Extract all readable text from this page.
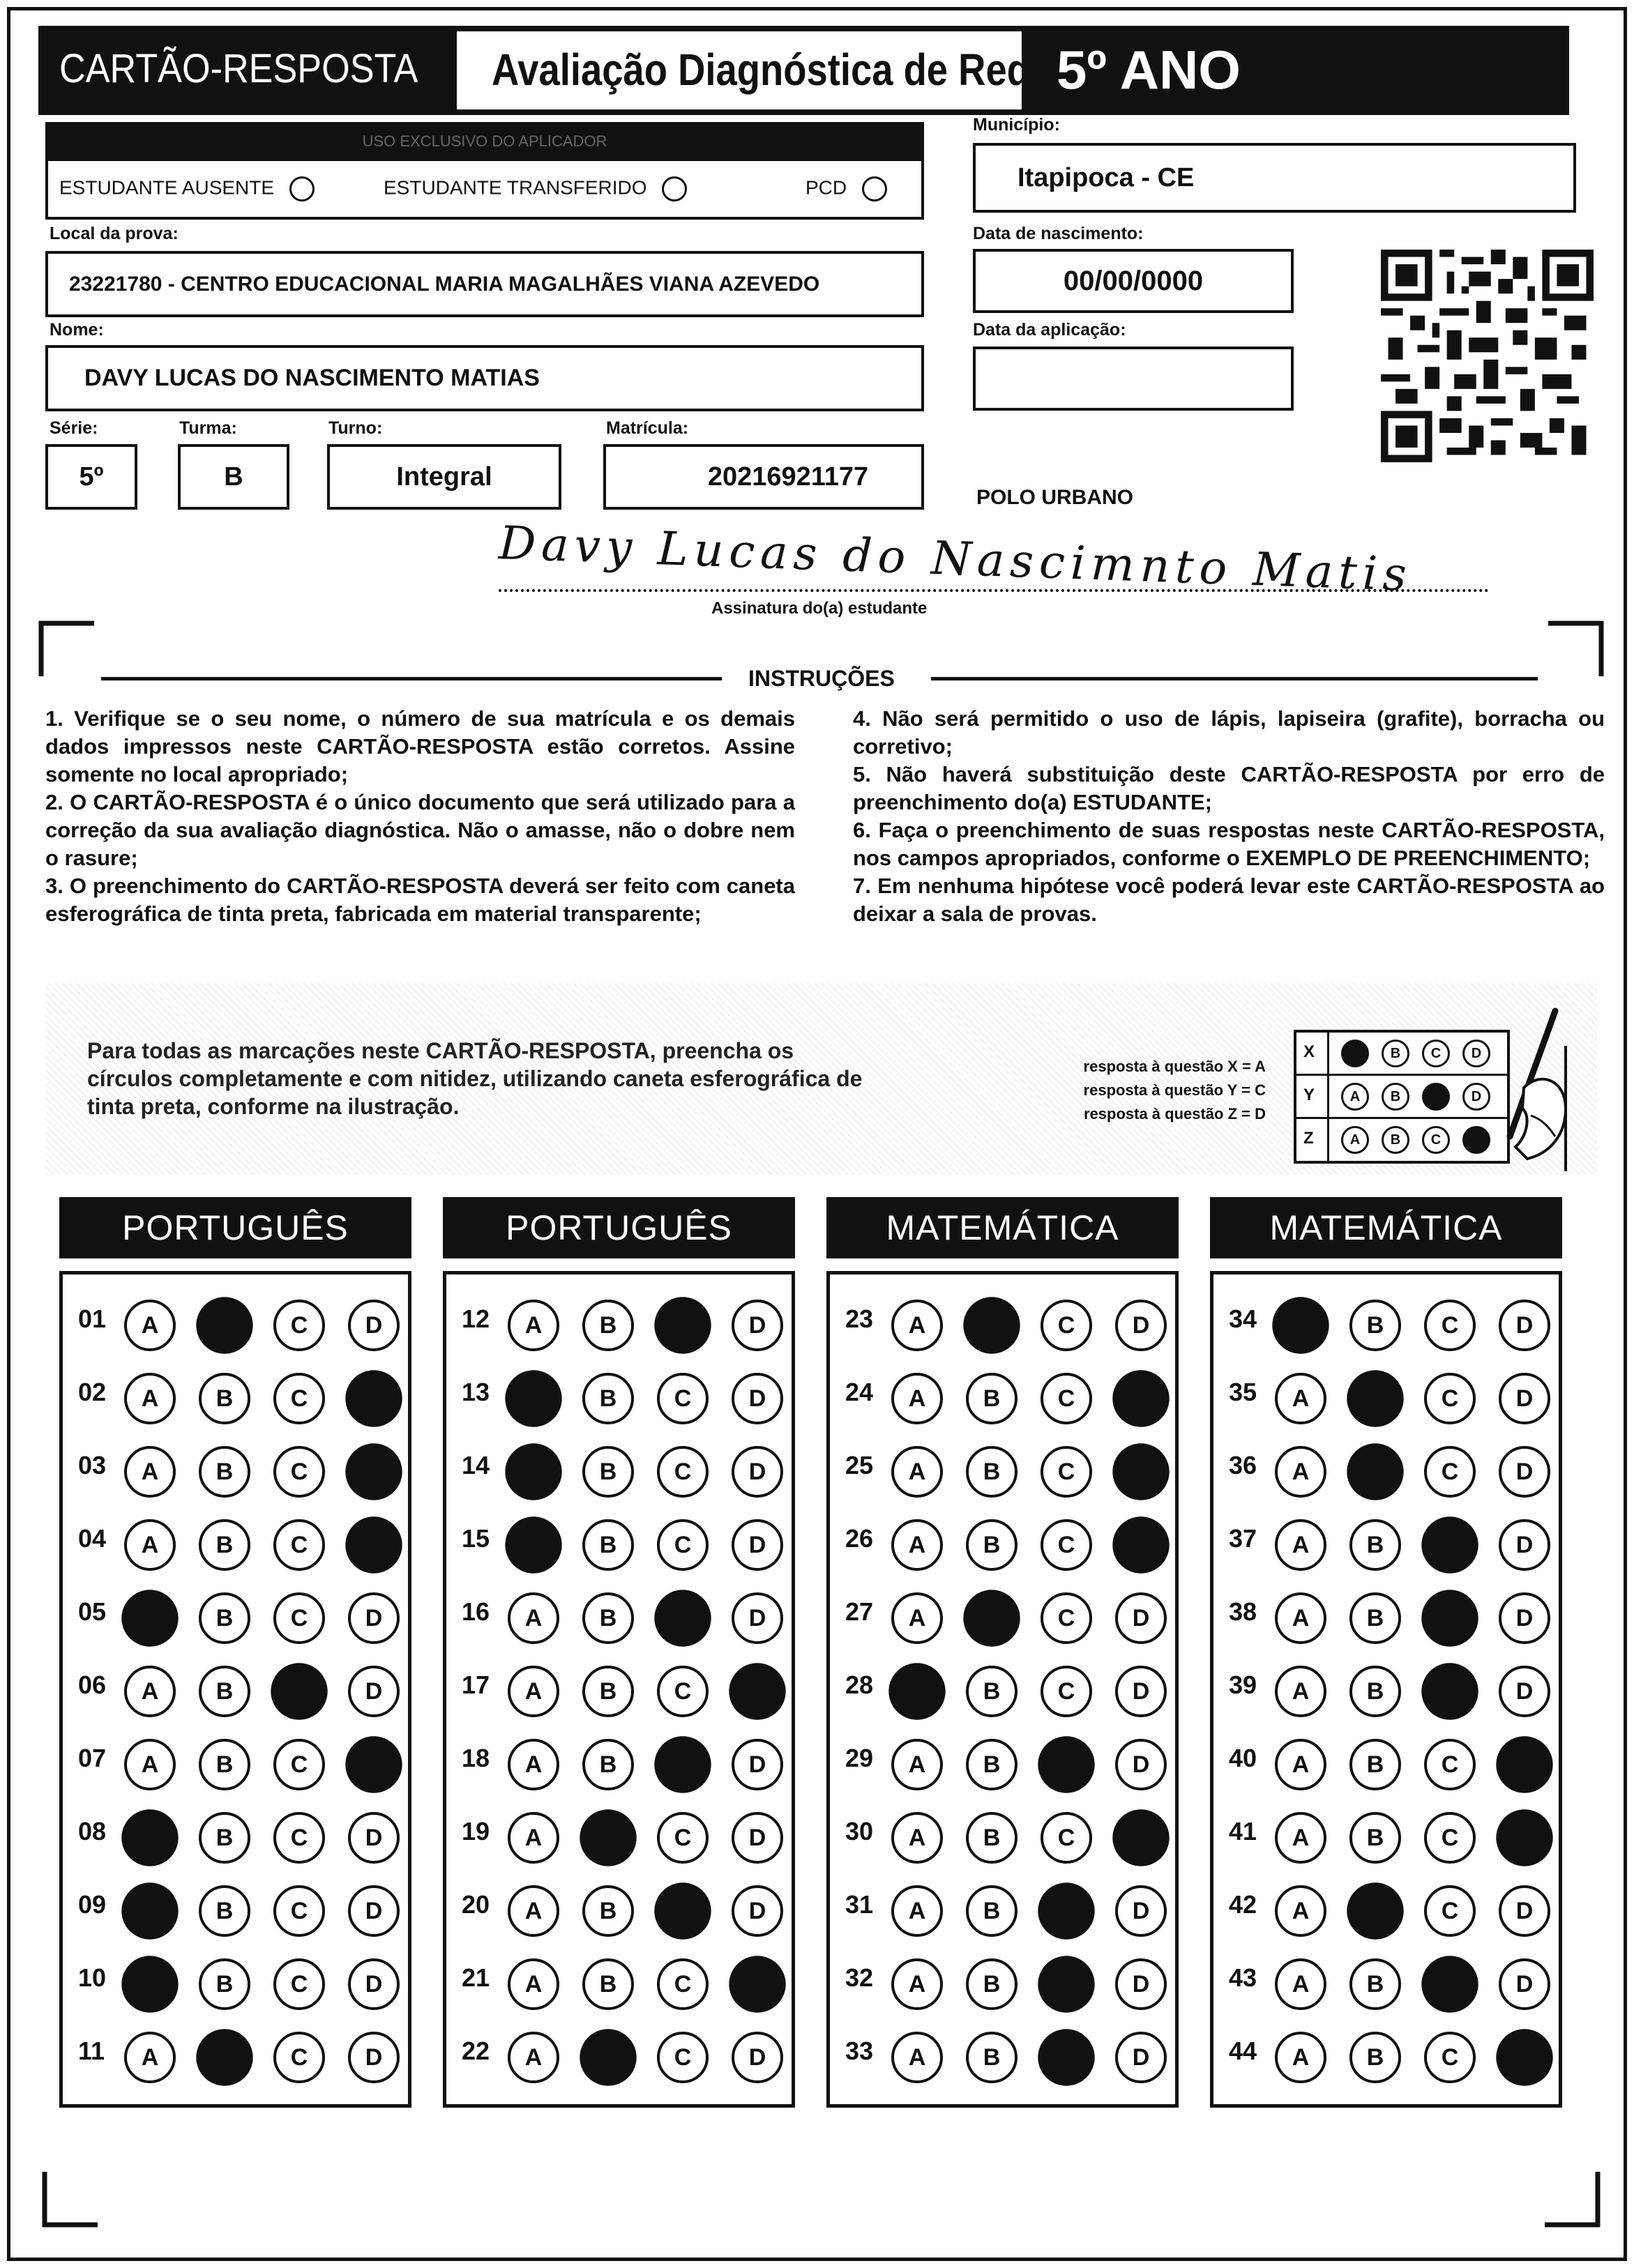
CARTÃO-RESPOSTA Avaliação Diagnóstica de Rede 5º ANO
USO EXCLUSIVO DO APLICADOR
ESTUDANTE AUSENTE	ESTUDANTE TRANSFERIDO	PCD
Município:
Itapipoca - CE
Local da prova:
23221780 - CENTRO EDUCACIONAL MARIA MAGALHÃES VIANA AZEVEDO
Data de nascimento:
00/00/0000
Nome:
DAVY LUCAS DO NASCIMENTO MATIAS
Data da aplicação:
Série:
5º
Turma:
B
Turno:
Integral
Matrícula:
20216921177
POLO URBANO
Davy Lucas do Nascimnto Matis
Assinatura do(a) estudante
INSTRUÇÕES

1. Verifique se o seu nome, o número de sua matrícula e os demais dados impressos neste CARTÃO-RESPOSTA estão corretos. Assine somente no local apropriado;

2. O CARTÃO-RESPOSTA é o único documento que será utilizado para a correção da sua avaliação diagnóstica. Não o amasse, não o dobre nem o rasure;

3. O preenchimento do CARTÃO-RESPOSTA deverá ser feito com caneta esferográfica de tinta preta, fabricada em material transparente;

4. Não será permitido o uso de lápis, lapiseira (grafite), borracha ou corretivo;

5. Não haverá substituição deste CARTÃO-RESPOSTA por erro de preenchimento do(a) ESTUDANTE;

6. Faça o preenchimento de suas respostas neste CARTÃO-RESPOSTA, nos campos apropriados, conforme o EXEMPLO DE PREENCHIMENTO;

7. Em nenhuma hipótese você poderá levar este CARTÃO-RESPOSTA ao deixar a sala de provas.

Para todas as marcações neste CARTÃO-RESPOSTA, preencha os círculos completamente e com nitidez, utilizando caneta esferográfica de tinta preta, conforme na ilustração.
resposta à questão X = A
resposta à questão Y = C
resposta à questão Z = D
X	A	B	C	D
Y	A	B	C	D
Z	A	B	C	D
PORTUGUÊS
01	A	B	C	D
02	A	B	C	D
03	A	B	C	D
04	A	B	C	D
05	A	B	C	D
06	A	B	C	D
07	A	B	C	D
08	A	B	C	D
09	A	B	C	D
10	A	B	C	D
11	A	B	C	D
PORTUGUÊS
12	A	B	C	D
13	A	B	C	D
14	A	B	C	D
15	A	B	C	D
16	A	B	C	D
17	A	B	C	D
18	A	B	C	D
19	A	B	C	D
20	A	B	C	D
21	A	B	C	D
22	A	B	C	D
MATEMÁTICA
23	A	B	C	D
24	A	B	C	D
25	A	B	C	D
26	A	B	C	D
27	A	B	C	D
28	A	B	C	D
29	A	B	C	D
30	A	B	C	D
31	A	B	C	D
32	A	B	C	D
33	A	B	C	D
MATEMÁTICA
34	A	B	C	D
35	A	B	C	D
36	A	B	C	D
37	A	B	C	D
38	A	B	C	D
39	A	B	C	D
40	A	B	C	D
41	A	B	C	D
42	A	B	C	D
43	A	B	C	D
44	A	B	C	D
